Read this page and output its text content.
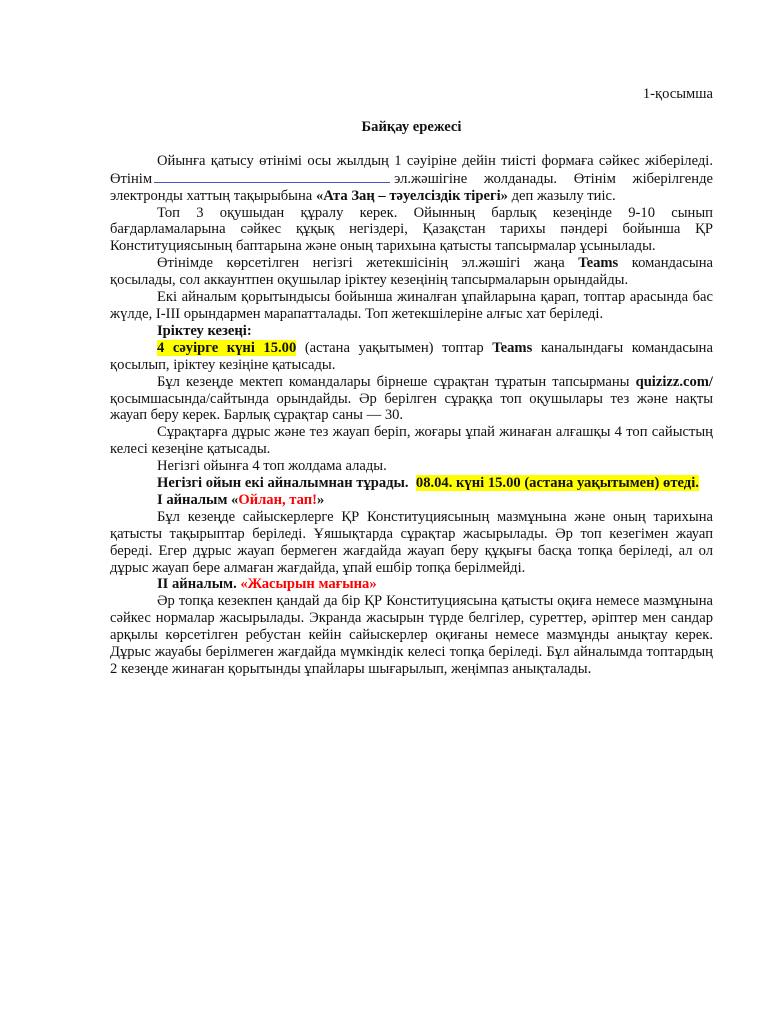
1-қосымша

Байқау ережесі

Ойынға қатысу өтінімі осы жылдың 1 сәуіріне дейін тиісті формаға сәйкес жіберіледі. Өтінім	эл.жәшігіне жолданады. Өтінім жіберілгенде электронды хаттың тақырыбына «Ата Заң – тәуелсіздік тірегі» деп жазылу тиіс.

Топ 3 оқушыдан құралу керек. Ойынның барлық кезеңінде 9-10 сынып бағдарламаларына сәйкес құқық негіздері, Қазақстан тарихы пәндері бойынша ҚР Конституциясының баптарына және оның тарихына қатысты тапсырмалар ұсынылады.

Өтінімде көрсетілген негізгі жетекшісінің эл.жәшігі жаңа Teams командасына қосылады, сол аккаунтпен оқушылар іріктеу кезеңінің тапсырмаларын орындайды.

Екі айналым қорытындысы бойынша жиналған ұпайларына қарап, топтар арасында бас жүлде, I-III орындармен марапатталады. Топ жетекшілеріне алғыс хат беріледі.

Іріктеу кезеңі:

4 сәуірге күні 15.00 (астана уақытымен) топтар Teams каналындағы командасына қосылып, іріктеу кезіңіне қатысады.

Бұл кезеңде мектеп командалары бірнеше сұрақтан тұратын тапсырманы quizizz.com/ қосымшасында/сайтында орындайды. Әр берілген сұраққа топ оқушылары тез және нақты жауап беру керек. Барлық сұрақтар саны — 30.

Сұрақтарға дұрыс және тез жауап беріп, жоғары ұпай жинаған алғашқы 4 топ сайыстың келесі кезеңіне қатысады.

Негізгі ойынға 4 топ жолдама алады.

Негізгі ойын екі айналымнан тұрады. 08.04. күні 15.00 (астана уақытымен) өтеді.

І айналым «Ойлан, тап!»

Бұл кезеңде сайыскерлерге ҚР Конституциясының мазмұнына және оның тарихына қатысты тақырыптар беріледі. Ұяшықтарда сұрақтар жасырылады. Әр топ кезегімен жауап береді. Егер дұрыс жауап бермеген жағдайда жауап беру құқығы басқа топқа беріледі, ал ол дұрыс жауап бере алмаған жағдайда, ұпай ешбір топқа берілмейді.

ІІ айналым. «Жасырын мағына»

Әр топқа кезекпен қандай да бір ҚР Конституциясына қатысты оқиға немесе мазмұнына сәйкес нормалар жасырылады. Экранда жасырын түрде белгілер, суреттер, әріптер мен сандар арқылы көрсетілген ребустан кейін сайыскерлер оқиғаны немесе мазмұнды анықтау керек. Дұрыс жауабы берілмеген жағдайда мүмкіндік келесі топқа беріледі. Бұл айналымда топтардың 2 кезеңде жинаған қорытынды ұпайлары шығарылып, жеңімпаз анықталады.
